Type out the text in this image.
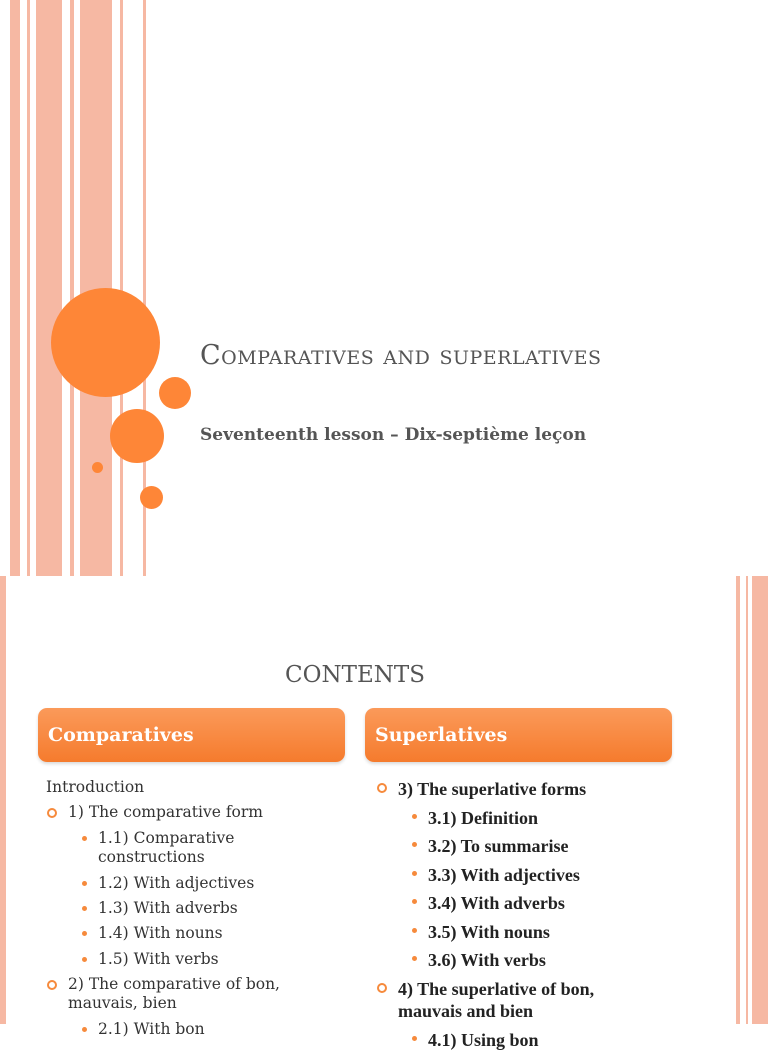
Comparatives and superlatives
Seventeenth lesson – Dix-septième leçon
CONTENTS
Comparatives	Superlatives
Introduction
1) The comparative form
1.1) Comparative constructions
1.2) With adjectives
1.3) With adverbs
1.4) With nouns
1.5) With verbs
2) The comparative of bon, mauvais, bien
2.1) With bon
3) The superlative forms
3.1) Definition
3.2) To summarise
3.3) With adjectives
3.4) With adverbs
3.5) With nouns
3.6) With verbs
4) The superlative of bon, mauvais and bien
4.1) Using bon
